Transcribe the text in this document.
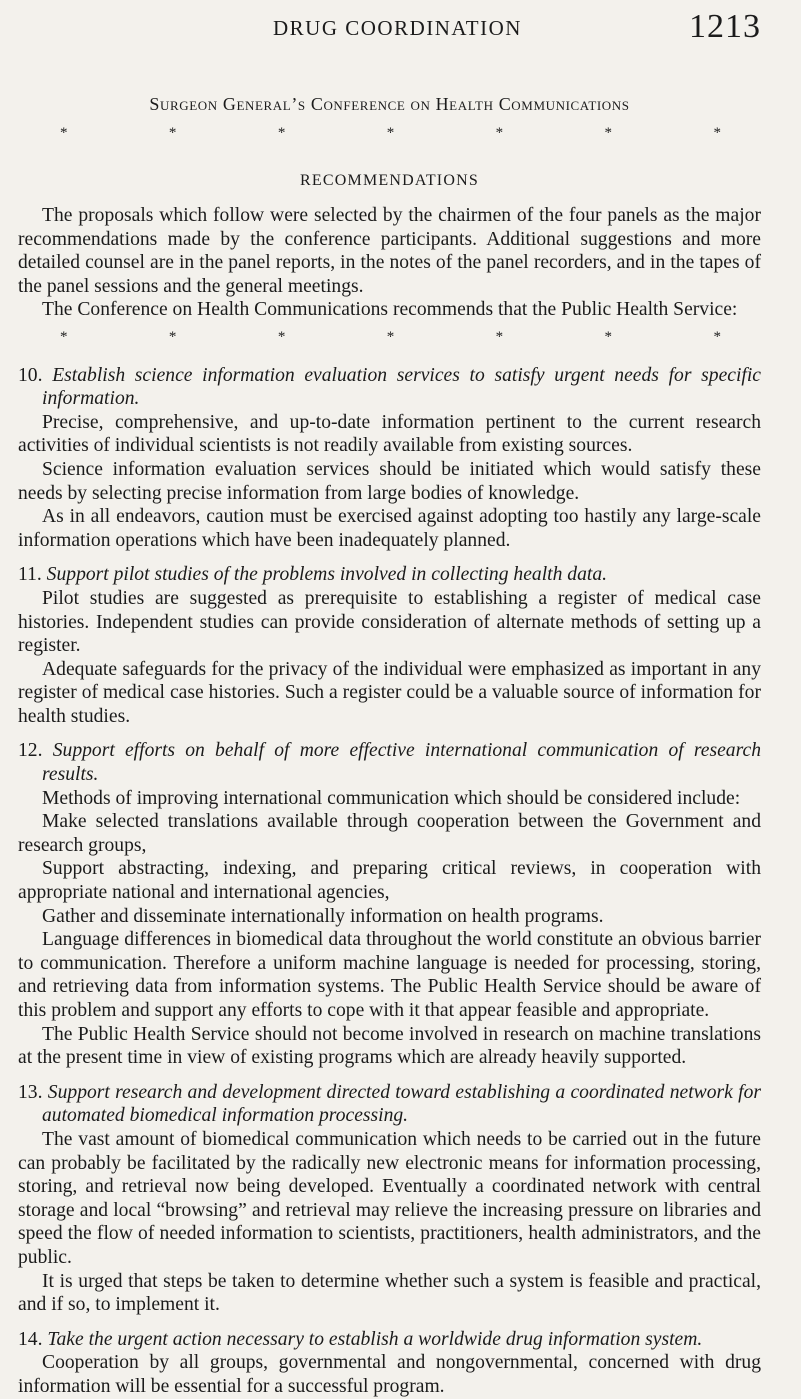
DRUG COORDINATION	1213
Surgeon General’s Conference on Health Communications
*	*	*	*	*	*	*
RECOMMENDATIONS

The proposals which follow were selected by the chairmen of the four panels as the major recommendations made by the conference participants. Additional suggestions and more detailed counsel are in the panel reports, in the notes of the panel recorders, and in the tapes of the panel sessions and the general meetings.

The Conference on Health Communications recommends that the Public Health Service:

*	*	*	*	*	*	*

10. Establish science information evaluation services to satisfy urgent needs for specific information.

Precise, comprehensive, and up-to-date information pertinent to the current research activities of individual scientists is not readily available from existing sources.

Science information evaluation services should be initiated which would satisfy these needs by selecting precise information from large bodies of knowledge.

As in all endeavors, caution must be exercised against adopting too hastily any large-scale information operations which have been inadequately planned.

11. Support pilot studies of the problems involved in collecting health data.

Pilot studies are suggested as prerequisite to establishing a register of medical case histories. Independent studies can provide consideration of alternate methods of setting up a register.

Adequate safeguards for the privacy of the individual were emphasized as important in any register of medical case histories. Such a register could be a valuable source of information for health studies.

12. Support efforts on behalf of more effective international communication of research results.

Methods of improving international communication which should be considered include:

Make selected translations available through cooperation between the Government and research groups,

Support abstracting, indexing, and preparing critical reviews, in cooperation with appropriate national and international agencies,

Gather and disseminate internationally information on health programs.

Language differences in biomedical data throughout the world constitute an obvious barrier to communication. Therefore a uniform machine language is needed for processing, storing, and retrieving data from information systems. The Public Health Service should be aware of this problem and support any efforts to cope with it that appear feasible and appropriate.

The Public Health Service should not become involved in research on machine translations at the present time in view of existing programs which are already heavily supported.

13. Support research and development directed toward establishing a coordinated network for automated biomedical information processing.

The vast amount of biomedical communication which needs to be carried out in the future can probably be facilitated by the radically new electronic means for information processing, storing, and retrieval now being developed. Eventually a coordinated network with central storage and local “browsing” and retrieval may relieve the increasing pressure on libraries and speed the flow of needed information to scientists, practitioners, health administrators, and the public.

It is urged that steps be taken to determine whether such a system is feasible and practical, and if so, to implement it.

14. Take the urgent action necessary to establish a worldwide drug information system.

Cooperation by all groups, governmental and nongovernmental, concerned with drug information will be essential for a successful program.
